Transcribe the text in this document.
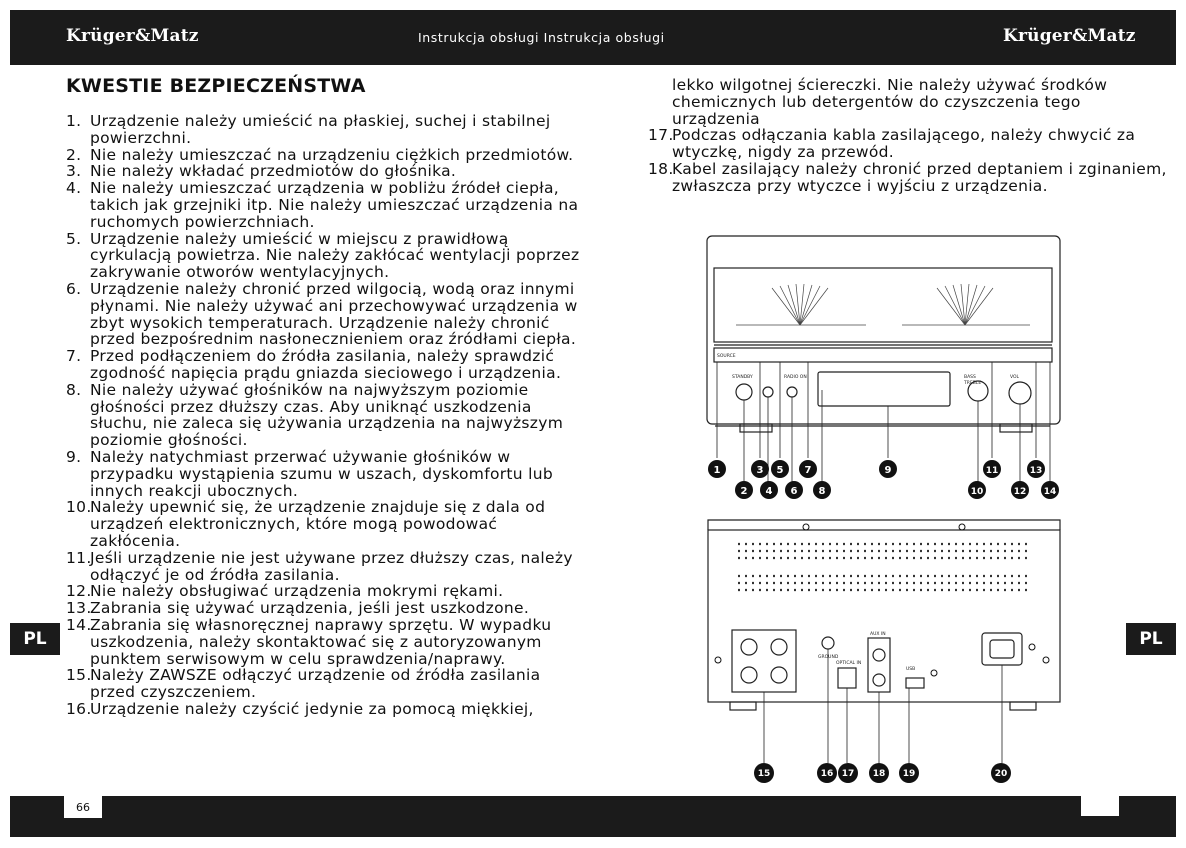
Krüger&Matz	Instrukcja obsługi Instrukcja obsługi	Krüger&Matz
PL	PL
KWESTIE BEZPIECZEŃSTWA
1. Urządzenie należy umieścić na płaskiej, suchej i stabilnej powierzchni.
2. Nie należy umieszczać na urządzeniu ciężkich przedmiotów.
3. Nie należy wkładać przedmiotów do głośnika.
4. Nie należy umieszczać urządzenia w pobliżu źródeł ciepła, takich jak grzejniki itp. Nie należy umieszczać urządzenia na ruchomych powierzchniach.
5. Urządzenie należy umieścić w miejscu z prawidłową cyrkulacją powietrza. Nie należy zakłócać wentylacji poprzez zakrywanie otworów wentylacyjnych.
6. Urządzenie należy chronić przed wilgocią, wodą oraz innymi płynami. Nie należy używać ani przechowywać urządzenia w zbyt wysokich temperaturach. Urządzenie należy chronić przed bezpośrednim nasłonecznieniem oraz źródłami ciepła.
7. Przed podłączeniem do źródła zasilania, należy sprawdzić zgodność napięcia prądu gniazda sieciowego i urządzenia.
8. Nie należy używać głośników na najwyższym poziomie głośności przez dłuższy czas. Aby uniknąć uszkodzenia słuchu, nie zaleca się używania urządzenia na najwyższym poziomie głośności.
9. Należy natychmiast przerwać używanie głośników w przypadku wystąpienia szumu w uszach, dyskomfortu lub innych reakcji ubocznych.
10.
Należy upewnić się, że urządzenie znajduje się z dala od urządzeń elektronicznych, które mogą powodować zakłócenia.
11.
Jeśli urządzenie nie jest używane przez dłuższy czas, należy odłączyć je od źródła zasilania.
12.
Nie należy obsługiwać urządzenia mokrymi rękami.
13.
Zabrania się używać urządzenia, jeśli jest uszkodzone.
14.
Zabrania się własnoręcznej naprawy sprzętu. W wypadku uszkodzenia, należy skontaktować się z autoryzowanym punktem serwisowym w celu sprawdzenia/naprawy.
15.
Należy ZAWSZE odłączyć urządzenie od źródła zasilania przed czyszczeniem.
16.
Urządzenie należy czyścić jedynie za pomocą miękkiej,
lekko wilgotnej ściereczki. Nie należy używać środków chemicznych lub detergentów do czyszczenia tego urządzenia
17.
Podczas odłączania kabla zasilającego, należy chwycić za wtyczkę, nigdy za przewód.
18.
Kabel zasilający należy chronić przed deptaniem i zginaniem, zwłaszcza przy wtyczce i wyjściu z urządzenia.
SOURCE
STANDBY	RADIO ON	BASS
TREBLE
VOL
1
2
3
4
5
6
7
8
9
10
11
12
13
14
GROUND
OPTICAL IN
AUX IN
USB
15	16 17 18 19	20
66
